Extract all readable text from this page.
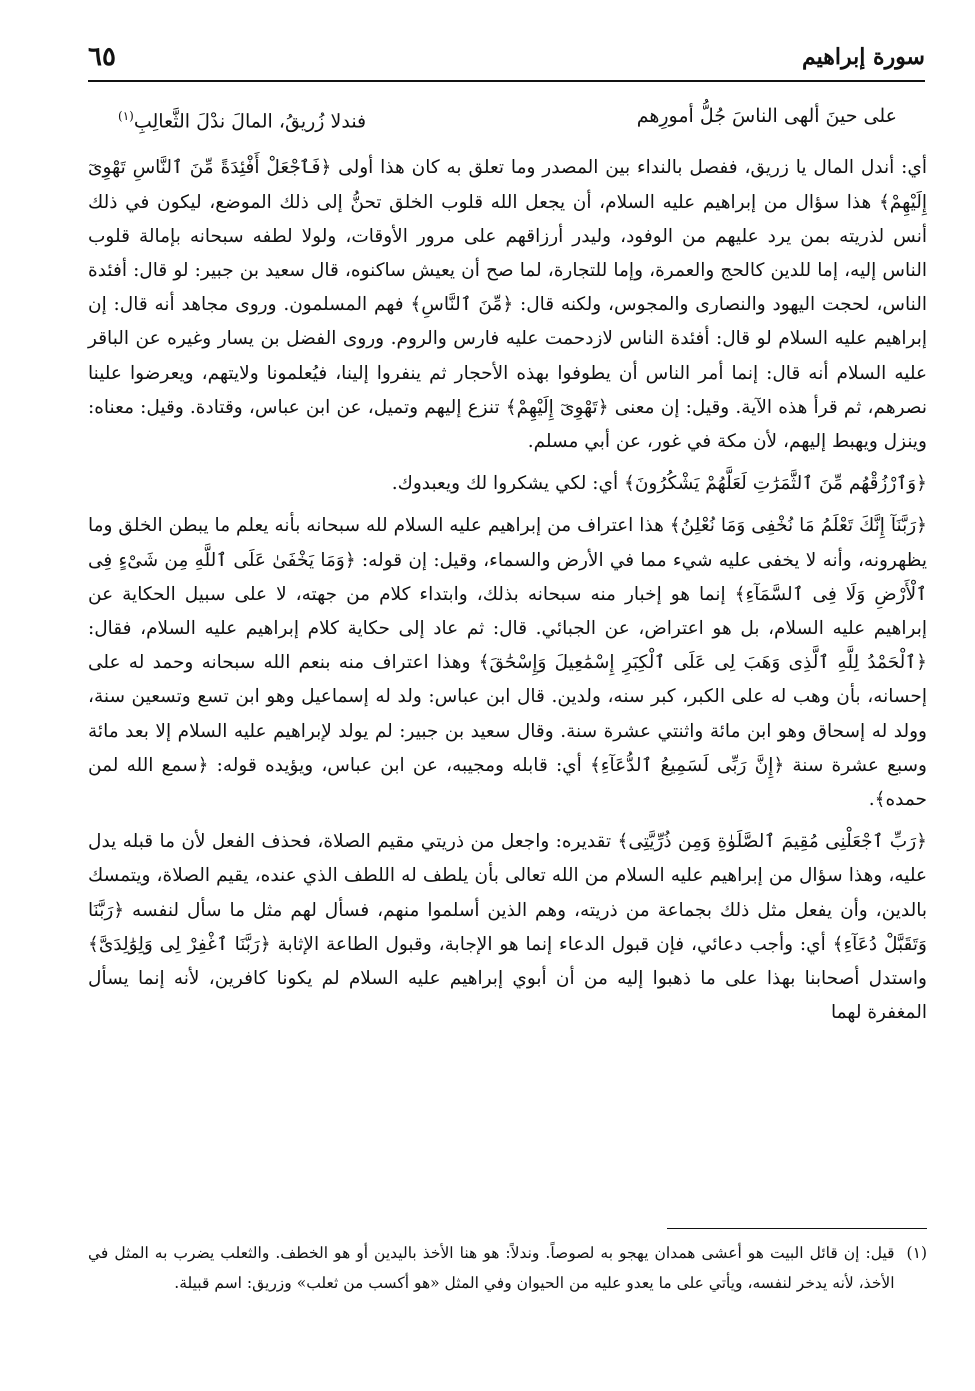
سورة إبراهيم
٦٥
على حينَ ألهى الناسَ جُلُّ أمورِهم
فندلا زُريقُ، المالَ ندْلَ الثَّعالِبِ$^{(١)}$

أي: أندل المال يا زريق، ففصل بالنداء بين المصدر وما تعلق به كان هذا أولى ﴿فَٱجْعَلْ أَفْئِدَةً مِّنَ ٱلنَّاسِ تَهْوِىٓ إِلَيْهِمْ﴾ هذا سؤال من إبراهيم عليه السلام، أن يجعل الله قلوب الخلق تحنُّ إلى ذلك الموضع، ليكون في ذلك أنس لذريته بمن يرد عليهم من الوفود، وليدر أرزاقهم على مرور الأوقات، ولولا لطفه سبحانه بإمالة قلوب الناس إليه، إما للدين كالحج والعمرة، وإما للتجارة، لما صح أن يعيش ساكنوه، قال سعيد بن جبير: لو قال: أفئدة الناس، لحجت اليهود والنصارى والمجوس، ولكنه قال: ﴿مِّنَ ٱلنَّاسِ﴾ فهم المسلمون. وروى مجاهد أنه قال: إن إبراهيم عليه السلام لو قال: أفئدة الناس لازدحمت عليه فارس والروم. وروى الفضل بن يسار وغيره عن الباقر عليه السلام أنه قال: إنما أمر الناس أن يطوفوا بهذه الأحجار ثم ينفروا إلينا، فيُعلمونا ولايتهم، ويعرضوا علينا نصرهم، ثم قرأ هذه الآية. وقيل: إن معنى ﴿تَهْوِىٓ إِلَيْهِمْ﴾ تنزع إليهم وتميل، عن ابن عباس، وقتادة. وقيل: معناه: وينزل ويهبط إليهم، لأن مكة في غور، عن أبي مسلم.

﴿وَٱرْزُقْهُم مِّنَ ٱلثَّمَرَٰتِ لَعَلَّهُمْ يَشْكُرُونَ﴾ أي: لكي يشكروا لك ويعبدوك.

﴿رَبَّنَآ إِنَّكَ تَعْلَمُ مَا نُخْفِى وَمَا نُعْلِنُ﴾ هذا اعتراف من إبراهيم عليه السلام لله سبحانه بأنه يعلم ما يبطن الخلق وما يظهرونه، وأنه لا يخفى عليه شيء مما في الأرض والسماء، وقيل: إن قوله: ﴿وَمَا يَخْفَىٰ عَلَى ٱللَّهِ مِن شَىْءٍ فِى ٱلْأَرْضِ وَلَا فِى ٱلسَّمَآءِ﴾ إنما هو إخبار منه سبحانه بذلك، وابتداء كلام من جهته، لا على سبيل الحكاية عن إبراهيم عليه السلام، بل هو اعتراض، عن الجبائي. قال: ثم عاد إلى حكاية كلام إبراهيم عليه السلام، فقال: ﴿ٱلْحَمْدُ لِلَّهِ ٱلَّذِى وَهَبَ لِى عَلَى ٱلْكِبَرِ إِسْمَٰعِيلَ وَإِسْحَٰقَ﴾ وهذا اعتراف منه بنعم الله سبحانه وحمد له على إحسانه، بأن وهب له على الكبر، كبر سنه، ولدين. قال ابن عباس: ولد له إسماعيل وهو ابن تسع وتسعين سنة، وولد له إسحاق وهو ابن مائة واثنتي عشرة سنة. وقال سعيد بن جبير: لم يولد لإبراهيم عليه السلام إلا بعد مائة وسبع عشرة سنة ﴿إِنَّ رَبِّى لَسَمِيعُ ٱلدُّعَآءِ﴾ أي: قابله ومجيبه، عن ابن عباس، ويؤيده قوله: ﴿سمع الله لمن حمده﴾.

﴿رَبِّ ٱجْعَلْنِى مُقِيمَ ٱلصَّلَوٰةِ وَمِن ذُرِّيَّتِى﴾ تقديره: واجعل من ذريتي مقيم الصلاة، فحذف الفعل لأن ما قبله يدل عليه، وهذا سؤال من إبراهيم عليه السلام من الله تعالى بأن يلطف له اللطف الذي عنده، يقيم الصلاة، ويتمسك بالدين، وأن يفعل مثل ذلك بجماعة من ذريته، وهم الذين أسلموا منهم، فسأل لهم مثل ما سأل لنفسه ﴿رَبَّنَا وَتَقَبَّلْ دُعَآءِ﴾ أي: وأجب دعائي، فإن قبول الدعاء إنما هو الإجابة، وقبول الطاعة الإثابة ﴿رَبَّنَا ٱغْفِرْ لِى وَلِوَٰلِدَىَّ﴾ واستدل أصحابنا بهذا على ما ذهبوا إليه من أن أبوي إبراهيم عليه السلام لم يكونا كافرين، لأنه إنما يسأل المغفرة لهما

(١)
قيل: إن قائل البيت هو أعشى همدان يهجو به لصوصاً. وندلاً: هو هنا الأخذ باليدين أو هو الخطف. والثعلب يضرب به المثل في الأخذ، لأنه يدخر لنفسه، ويأتي على ما يعدو عليه من الحيوان وفي المثل «هو أكسب من ثعلب» وزريق: اسم قبيلة.
